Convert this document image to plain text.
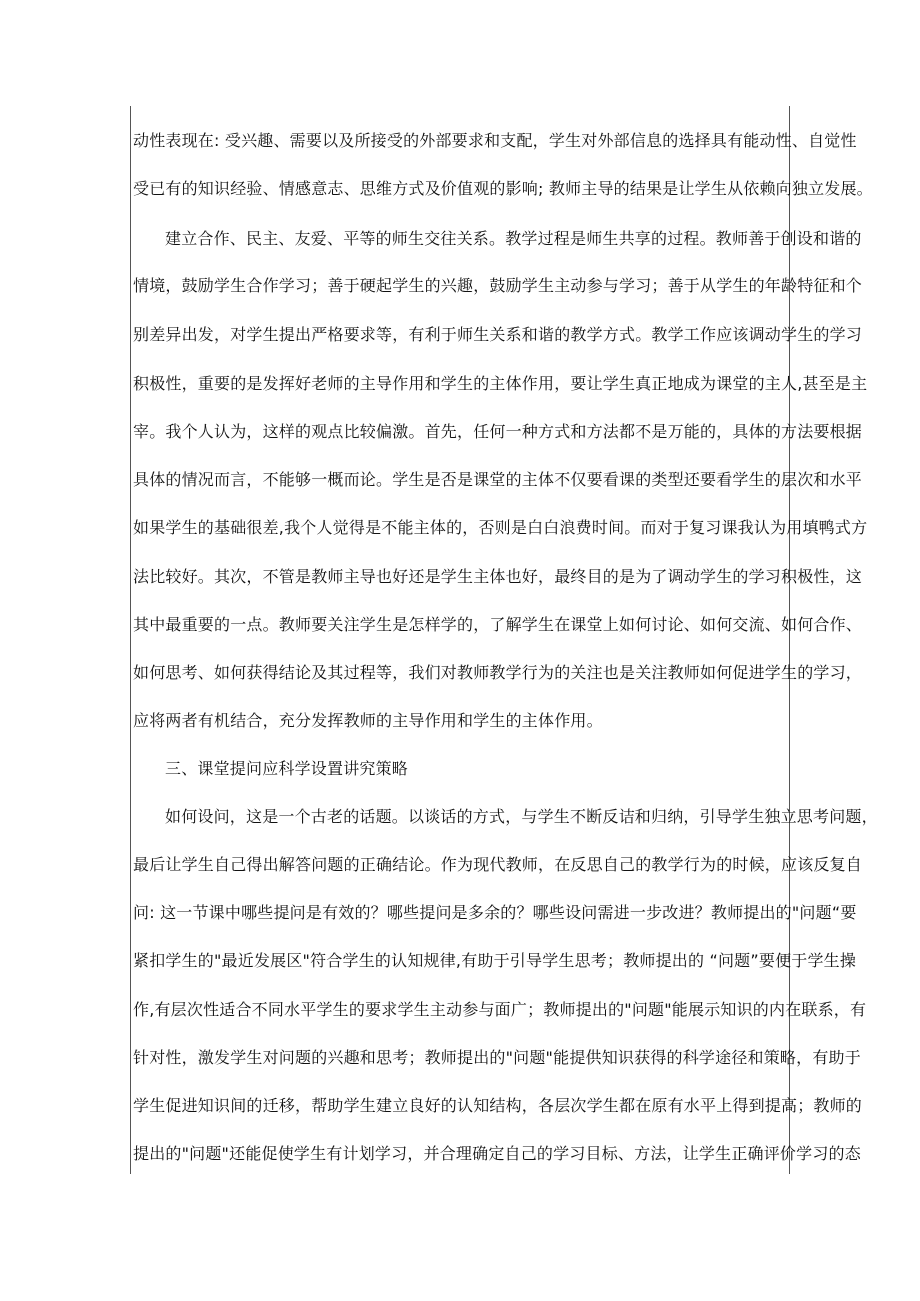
动性表现在: 受兴趣、需要以及所接受的外部要求和支配，学生对外部信息的选择具有能动性、自觉性
受已有的知识经验、情感意志、思维方式及价值观的影响; 教师主导的结果是让学生从依赖向独立发展。
建立合作、民主、友爱、平等的师生交往关系。教学过程是师生共享的过程。教师善于创设和谐的
情境，鼓励学生合作学习；善于硬起学生的兴趣，鼓励学生主动参与学习；善于从学生的年龄特征和个
别差异出发，对学生提出严格要求等，有利于师生关系和谐的教学方式。教学工作应该调动学生的学习
积极性，重要的是发挥好老师的主导作用和学生的主体作用，要让学生真正地成为课堂的主人,甚至是主
宰。我个人认为，这样的观点比较偏激。首先，任何一种方式和方法都不是万能的，具体的方法要根据
具体的情况而言，不能够一概而论。学生是否是课堂的主体不仅要看课的类型还要看学生的层次和水平
如果学生的基础很差,我个人觉得是不能主体的，否则是白白浪费时间。而对于复习课我认为用填鸭式方
法比较好。其次，不管是教师主导也好还是学生主体也好，最终目的是为了调动学生的学习积极性，这
其中最重要的一点。教师要关注学生是怎样学的，了解学生在课堂上如何讨论、如何交流、如何合作、
如何思考、如何获得结论及其过程等，我们对教师教学行为的关注也是关注教师如何促进学生的学习，
应将两者有机结合，充分发挥教师的主导作用和学生的主体作用。
三、课堂提问应科学设置讲究策略
如何设问，这是一个古老的话题。以谈话的方式，与学生不断反诘和归纳，引导学生独立思考问题，
最后让学生自己得出解答问题的正确结论。作为现代教师，在反思自己的教学行为的时候，应该反复自
问: 这一节课中哪些提问是有效的？哪些提问是多余的？哪些设问需进一步改进？教师提出的"问题“要
紧扣学生的"最近发展区"符合学生的认知规律,有助于引导学生思考；教师提出的 “问题”要便于学生操
作,有层次性适合不同水平学生的要求学生主动参与面广；教师提出的"问题"能展示知识的内在联系，有
针对性，激发学生对问题的兴趣和思考；教师提出的"问题"能提供知识获得的科学途径和策略，有助于
学生促进知识间的迁移，帮助学生建立良好的认知结构，各层次学生都在原有水平上得到提高；教师的
提出的"问题"还能促使学生有计划学习，并合理确定自己的学习目标、方法，让学生正确评价学习的态
